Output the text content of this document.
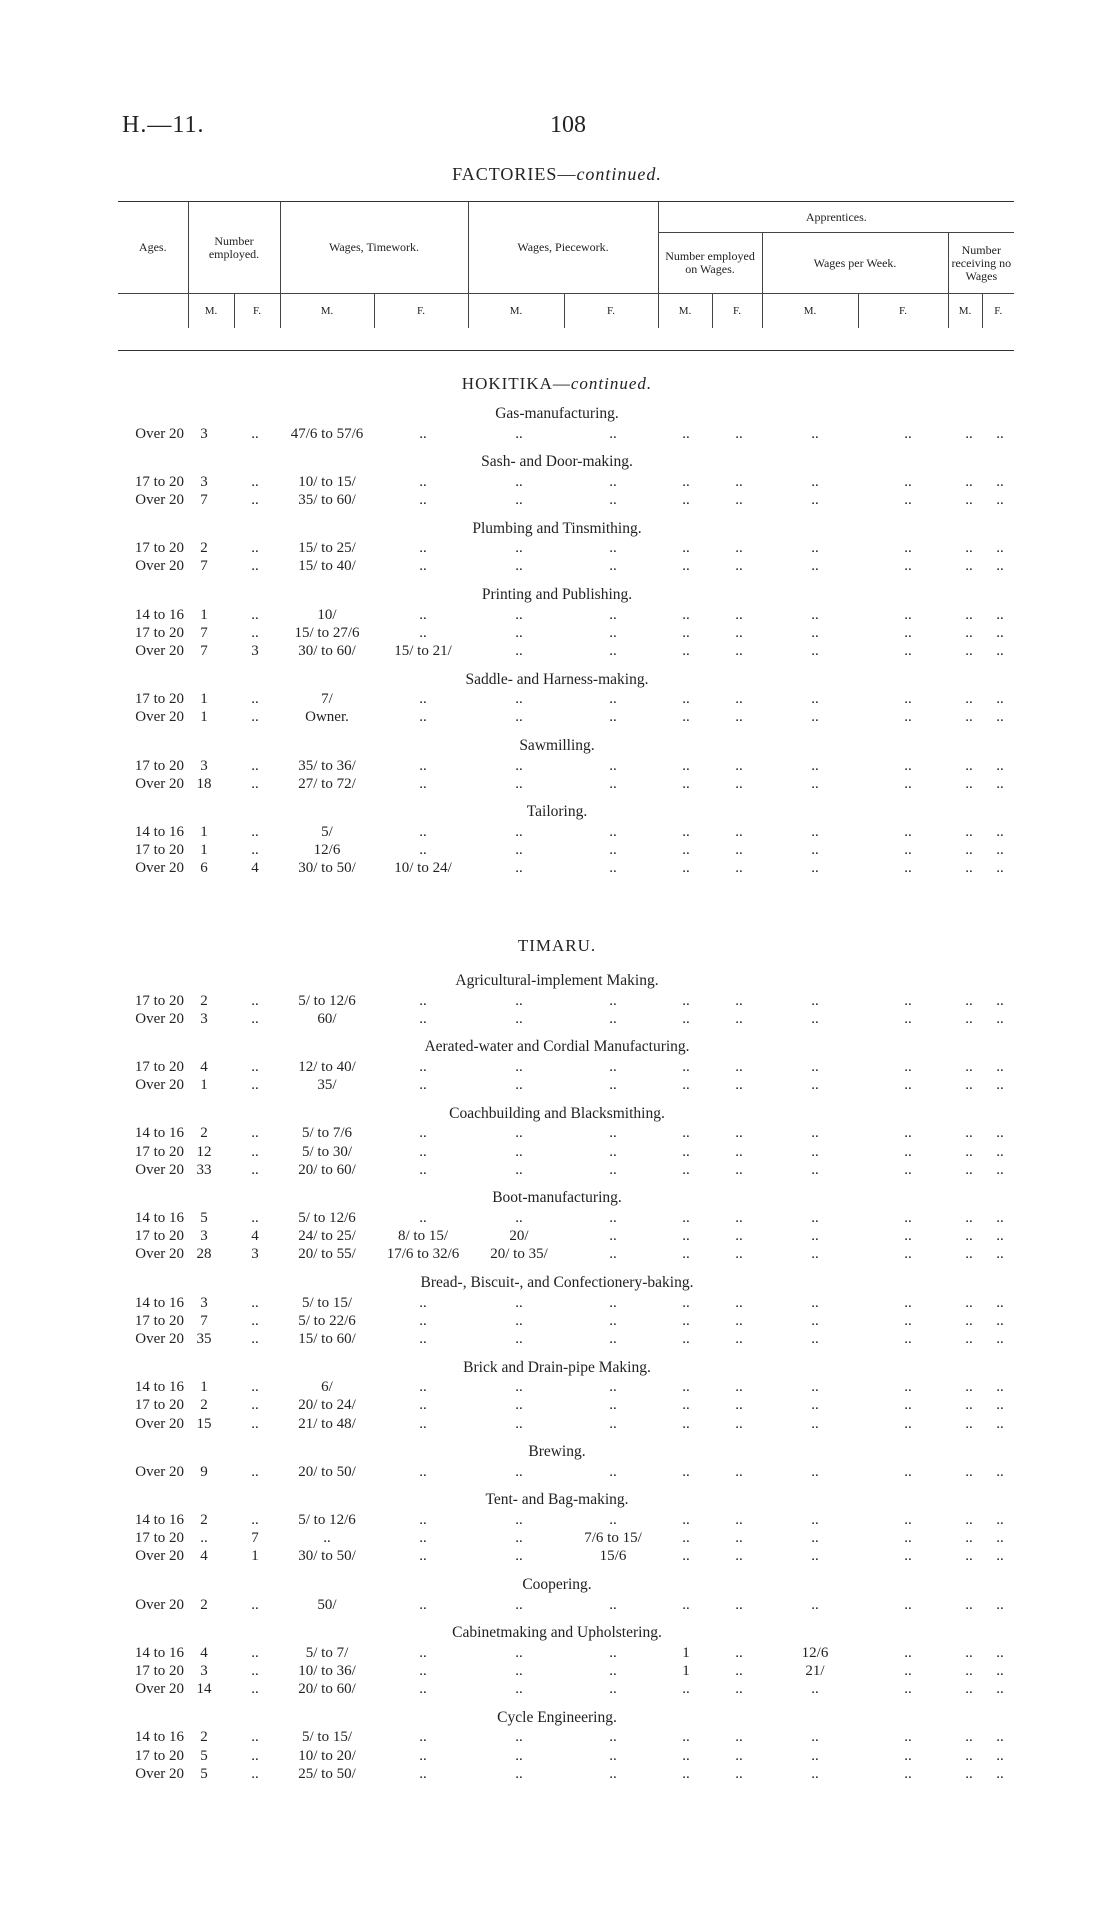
H.—11.	108
FACTORIES—continued.
Ages.	Number employed.		Wages, Timework.		Wages, Piecework.		Apprentices.					
							Number employed on Wages.		Wages per Week.		Number receiving no Wages	
	M.	F.	M.	F.	M.	F.	M.	F.	M.	F.	M.	F.
HOKITIKA—continued.
Gas-manufacturing.
Over 20	3	..	47/6 to 57/6	..	..	..	..	..	..	..	..	..
Sash- and Door-making.
17 to 20	3	..	10/ to 15/	..	..	..	..	..	..	..	..	..
Over 20	7	..	35/ to 60/	..	..	..	..	..	..	..	..	..
Plumbing and Tinsmithing.
17 to 20	2	..	15/ to 25/	..	..	..	..	..	..	..	..	..
Over 20	7	..	15/ to 40/	..	..	..	..	..	..	..	..	..
Printing and Publishing.
14 to 16	1	..	10/	..	..	..	..	..	..	..	..	..
17 to 20	7	..	15/ to 27/6	..	..	..	..	..	..	..	..	..
Over 20	7	3	30/ to 60/	15/ to 21/	..	..	..	..	..	..	..	..
Saddle- and Harness-making.
17 to 20	1	..	7/	..	..	..	..	..	..	..	..	..
Over 20	1	..	Owner.	..	..	..	..	..	..	..	..	..
Sawmilling.
17 to 20	3	..	35/ to 36/	..	..	..	..	..	..	..	..	..
Over 20 18	..	27/ to 72/	..	..	..	..	..	..	..	..	..
Tailoring.
14 to 16	1	..	5/	..	..	..	..	..	..	..	..	..
17 to 20	1	..	12/6	..	..	..	..	..	..	..	..	..
Over 20	6	4	30/ to 50/	10/ to 24/	..	..	..	..	..	..	..	..
TIMARU.
Agricultural-implement Making.
17 to 20	2	..	5/ to 12/6	..	..	..	..	..	..	..	..	..
Over 20	3	..	60/	..	..	..	..	..	..	..	..	..
Aerated-water and Cordial Manufacturing.
17 to 20	4	..	12/ to 40/	..	..	..	..	..	..	..	..	..
Over 20	1	..	35/	..	..	..	..	..	..	..	..	..
Coachbuilding and Blacksmithing.
14 to 16	2	..	5/ to 7/6	..	..	..	..	..	..	..	..	..
17 to 20 12	..	5/ to 30/	..	..	..	..	..	..	..	..	..
Over 20 33	..	20/ to 60/	..	..	..	..	..	..	..	..	..
Boot-manufacturing.
14 to 16	5	..	5/ to 12/6	..	..	..	..	..	..	..	..	..
17 to 20	3	4	24/ to 25/	8/ to 15/	20/	..	..	..	..	..	..	..
Over 20 28	3	20/ to 55/	17/6 to 32/6	20/ to 35/	..	..	..	..	..	..	..
Bread-, Biscuit-, and Confectionery-baking.
14 to 16	3	..	5/ to 15/	..	..	..	..	..	..	..	..	..
17 to 20	7	..	5/ to 22/6	..	..	..	..	..	..	..	..	..
Over 20 35	..	15/ to 60/	..	..	..	..	..	..	..	..	..
Brick and Drain-pipe Making.
14 to 16	1	..	6/	..	..	..	..	..	..	..	..	..
17 to 20	2	..	20/ to 24/	..	..	..	..	..	..	..	..	..
Over 20 15	..	21/ to 48/	..	..	..	..	..	..	..	..	..
Brewing.
Over 20	9	..	20/ to 50/	..	..	..	..	..	..	..	..	..
Tent- and Bag-making.
14 to 16	2	..	5/ to 12/6	..	..	..	..	..	..	..	..	..
17 to 20	..	7	..	..	..	7/6 to 15/	..	..	..	..	..	..
Over 20	4	1	30/ to 50/	..	..	15/6	..	..	..	..	..	..
Coopering.
Over 20	2	..	50/	..	..	..	..	..	..	..	..	..
Cabinetmaking and Upholstering.
14 to 16	4	..	5/ to 7/	..	..	..	1	..	12/6	..	..	..
17 to 20	3	..	10/ to 36/	..	..	..	1	..	21/	..	..	..
Over 20 14	..	20/ to 60/	..	..	..	..	..	..	..	..	..
Cycle Engineering.
14 to 16	2	..	5/ to 15/	..	..	..	..	..	..	..	..	..
17 to 20	5	..	10/ to 20/	..	..	..	..	..	..	..	..	..
Over 20	5	..	25/ to 50/	..	..	..	..	..	..	..	..	..
